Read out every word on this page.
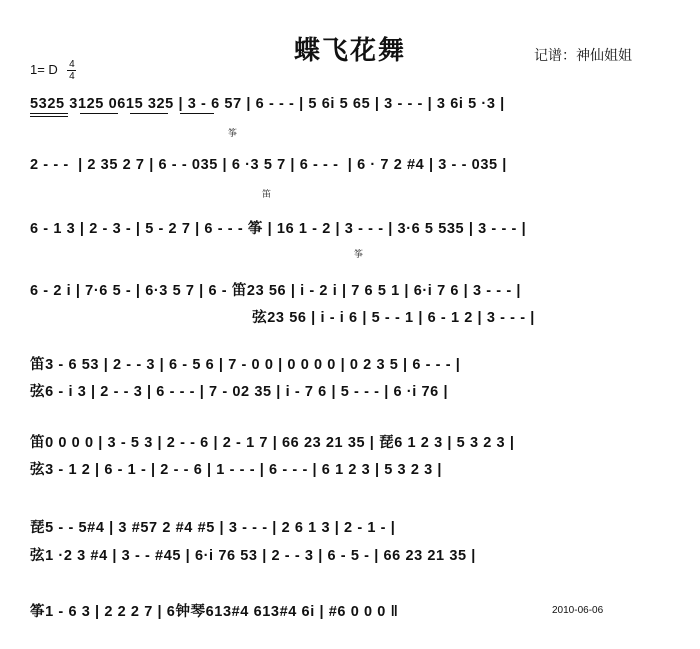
蝶飞花舞
1= D $\frac{4}{4}$
记谱：神仙姐姐
5325 3125 0615 325 | 3 - 6 57 | 6 - - - | 5 6i 5 65 | 3 - - - | 3 6i 5 ·3 |
2 - - -  | 2 35 2 7 | 6 - - 035 | 6 ·3 5 7 | 6 - - -  | 6 · 7 2 #4 | 3 - - 035 |
6 - 1 3 | 2 - 3 - | 5 - 2 7 | 6 - - - 筝 | 16 1 - 2 | 3 - - - | 3·6 5 535 | 3 - - - |
6 - 2 i | 7·6 5 - | 6·3 5 7 | 6 - 笛23 56 | i - 2 i | 7 6 5 1 | 6·i 7 6 | 3 - - - |
弦23 56 | i - i 6 | 5 - - 1 | 6 - 1 2 | 3 - - - |
笛3 - 6 53 | 2 - - 3 | 6 - 5 6 | 7 - 0 0 | 0 0 0 0 | 0 2 3 5 | 6 - - - |
弦6 - i 3 | 2 - - 3 | 6 - - - | 7 - 02 35 | i - 7 6 | 5 - - - | 6 ·i 76 |
笛0 0 0 0 | 3 - 5 3 | 2 - - 6 | 2 - 1 7 | 66 23 21 35 | 琵6 1 2 3 | 5 3 2 3 |
弦3 - 1 2 | 6 - 1 - | 2 - - 6 | 1 - - - | 6 - - - | 6 1 2 3 | 5 3 2 3 |
琵5 - - 5#4 | 3 #57 2 #4 #5 | 3 - - - | 2 6 1 3 | 2 - 1 - |
弦1 ·2 3 #4 | 3 - - #45 | 6·i 76 53 | 2 - - 3 | 6 - 5 - | 66 23 21 35 |
筝1 - 6 3 | 2 2 2 7 | 6钟琴613#4 613#4 6i | #6 0 0 0 ‖	2010-06-06
筝
笛
筝
